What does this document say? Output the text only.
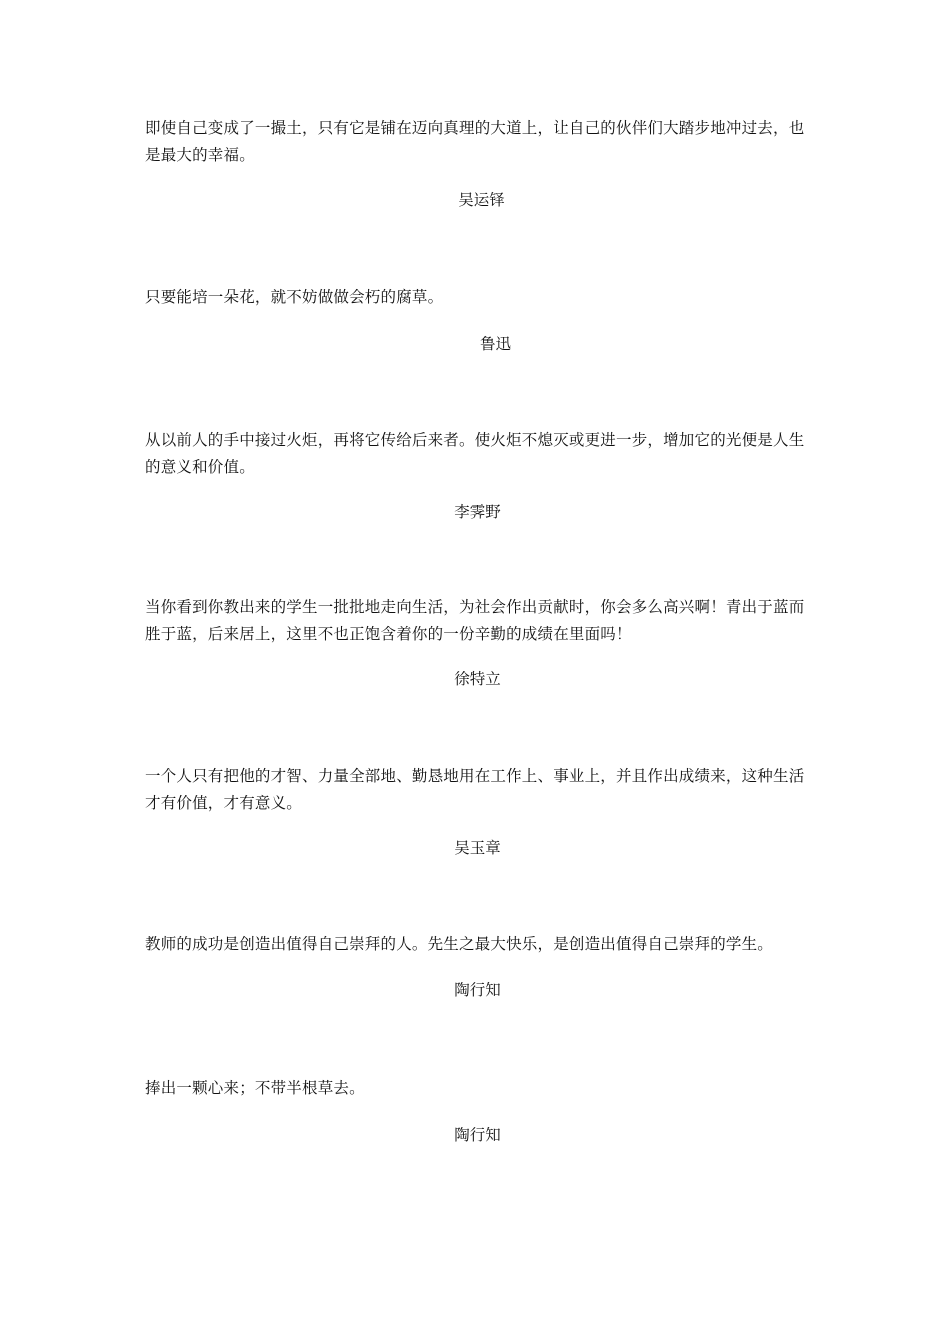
即使自己变成了一撮土，只有它是铺在迈向真理的大道上，让自己的伙伴们大踏步地冲过去，也是最大的幸福。

吴运铎

只要能培一朵花，就不妨做做会朽的腐草。

鲁迅

从以前人的手中接过火炬，再将它传给后来者。使火炬不熄灭或更进一步，增加它的光便是人生的意义和价值。

李霁野

当你看到你教出来的学生一批批地走向生活，为社会作出贡献时，你会多么高兴啊！青出于蓝而胜于蓝，后来居上，这里不也正饱含着你的一份辛勤的成绩在里面吗！

徐特立

一个人只有把他的才智、力量全部地、勤恳地用在工作上、事业上，并且作出成绩来，这种生活才有价值，才有意义。

吴玉章

教师的成功是创造出值得自己崇拜的人。先生之最大快乐，是创造出值得自己崇拜的学生。

陶行知

捧出一颗心来；不带半根草去。

陶行知
